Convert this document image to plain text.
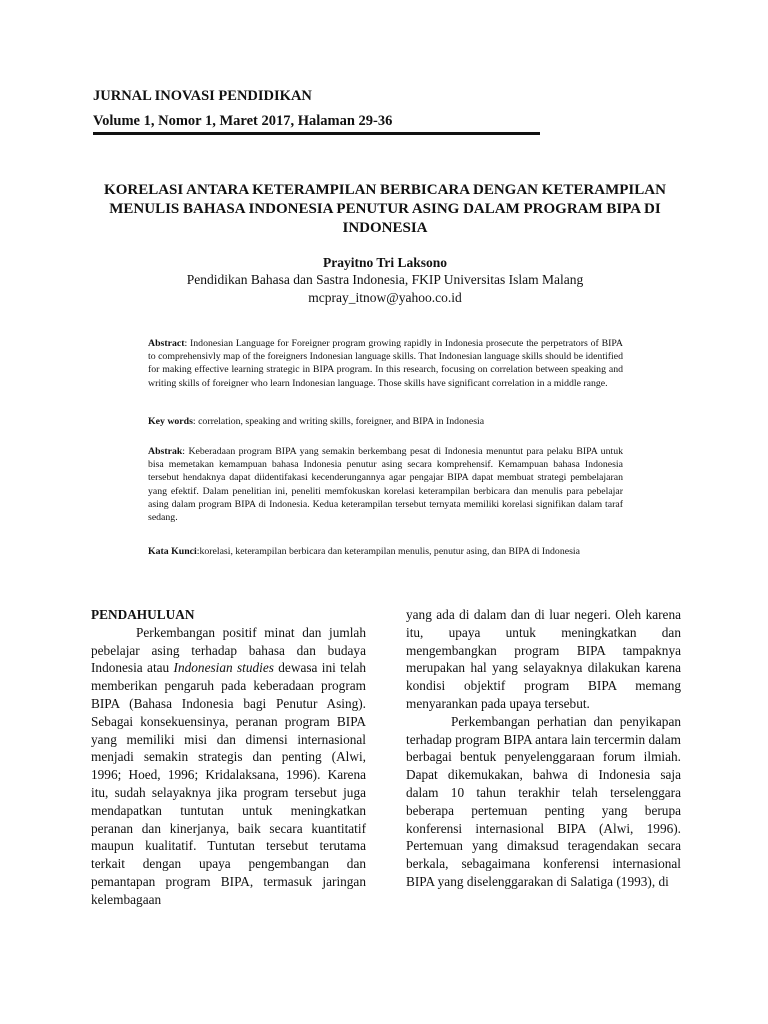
JURNAL INOVASI PENDIDIKAN
Volume 1, Nomor 1, Maret 2017, Halaman 29-36
KORELASI ANTARA KETERAMPILAN BERBICARA DENGAN KETERAMPILAN MENULIS BAHASA INDONESIA PENUTUR ASING DALAM PROGRAM BIPA DI INDONESIA
Prayitno Tri Laksono
Pendidikan Bahasa dan Sastra Indonesia, FKIP Universitas Islam Malang
mcpray_itnow@yahoo.co.id
Abstract: Indonesian Language for Foreigner program growing rapidly in Indonesia prosecute the perpetrators of BIPA to comprehensivly map of the foreigners Indonesian language skills. That Indonesian language skills should be identified for making effective learning strategic in BIPA program. In this research, focusing on correlation between speaking and writing skills of foreigner who learn Indonesian language. Those skills have significant correlation in a middle range.
Key words: correlation, speaking and writing skills, foreigner, and BIPA in Indonesia
Abstrak: Keberadaan program BIPA yang semakin berkembang pesat di Indonesia menuntut para pelaku BIPA untuk bisa memetakan kemampuan bahasa Indonesia penutur asing secara komprehensif. Kemampuan bahasa Indonesia tersebut hendaknya dapat diidentifakasi kecenderungannya agar pengajar BIPA dapat membuat strategi pembelajaran yang efektif. Dalam penelitian ini, peneliti memfokuskan korelasi keterampilan berbicara dan menulis para pebelajar asing dalam program BIPA di Indonesia. Kedua keterampilan tersebut ternyata memiliki korelasi signifikan dalam taraf sedang.
Kata Kunci:korelasi, keterampilan berbicara dan keterampilan menulis, penutur asing, dan BIPA di Indonesia

PENDAHULUAN

Perkembangan positif minat dan jumlah pebelajar asing terhadap bahasa dan budaya Indonesia atau Indonesian studies dewasa ini telah memberikan pengaruh pada keberadaan program BIPA (Bahasa Indonesia bagi Penutur Asing). Sebagai konsekuensinya, peranan program BIPA yang memiliki misi dan dimensi internasional menjadi semakin strategis dan penting (Alwi, 1996; Hoed, 1996; Kridalaksana, 1996). Karena itu, sudah selayaknya jika program tersebut juga mendapatkan tuntutan untuk meningkatkan peranan dan kinerjanya, baik secara kuantitatif maupun kualitatif. Tuntutan tersebut terutama terkait dengan upaya pengembangan dan pemantapan program BIPA, termasuk jaringan kelembagaan

yang ada di dalam dan di luar negeri. Oleh karena itu, upaya untuk meningkatkan dan mengembangkan program BIPA tampaknya merupakan hal yang selayaknya dilakukan karena kondisi objektif program BIPA memang menyarankan pada upaya tersebut.

Perkembangan perhatian dan penyikapan terhadap program BIPA antara lain tercermin dalam berbagai bentuk penyelenggaraan forum ilmiah. Dapat dikemukakan, bahwa di Indonesia saja dalam 10 tahun terakhir telah terselenggara beberapa pertemuan penting yang berupa konferensi internasional BIPA (Alwi, 1996). Pertemuan yang dimaksud teragendakan secara berkala, sebagaimana konferensi internasional BIPA yang diselenggarakan di Salatiga (1993), di
